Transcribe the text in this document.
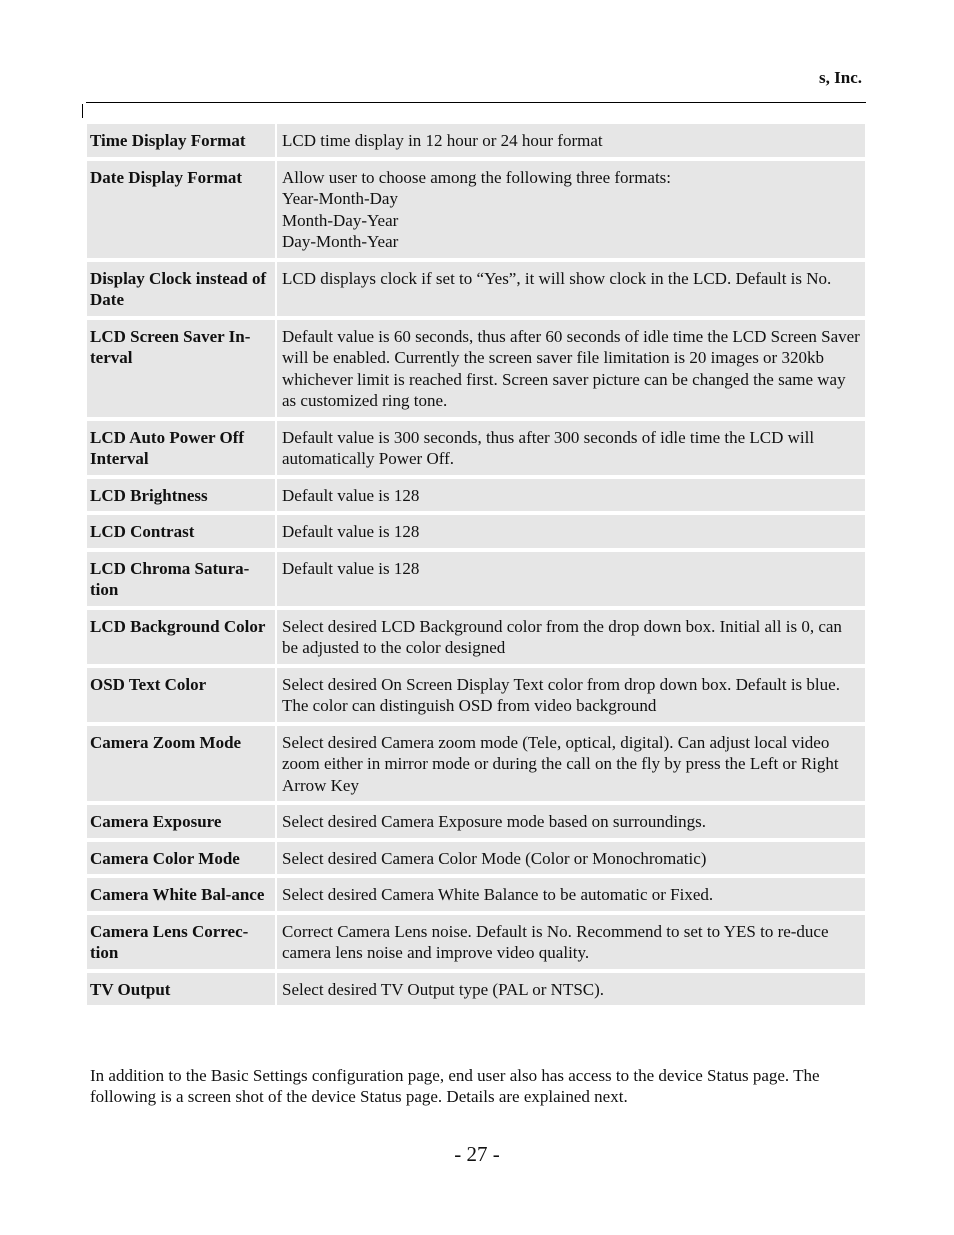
s, Inc.
Time Display Format	LCD time display in 12 hour or 24 hour format

Date Display Format	Allow user to choose among the following three formats:
Year-Month-Day
Month-Day-Year
Day-Month-Year

Display Clock instead of Date	LCD displays clock if set to “Yes”, it will show clock in the LCD. Default is No.

LCD Screen Saver In-terval	Default value is 60 seconds, thus after 60 seconds of idle time the LCD Screen Saver will be enabled. Currently the screen saver file limitation is 20 images or 320kb whichever limit is reached first. Screen saver picture can be changed the same way as customized ring tone.

LCD Auto Power Off Interval	Default value is 300 seconds, thus after 300 seconds of idle time the LCD will automatically Power Off.

LCD Brightness	Default value is 128

LCD Contrast	Default value is 128

LCD Chroma Satura-tion	Default value is 128

LCD Background Color	Select desired LCD Background color from the drop down box. Initial all is 0, can be adjusted to the color designed

OSD Text Color	Select desired On Screen Display Text color from drop down box. Default is blue. The color can distinguish OSD from video background

Camera Zoom Mode	Select desired Camera zoom mode (Tele, optical, digital). Can adjust local video zoom either in mirror mode or during the call on the fly by press the Left or Right Arrow Key

Camera Exposure	Select desired Camera Exposure mode based on surroundings.

Camera Color Mode	Select desired Camera Color Mode (Color or Monochromatic)

Camera White Bal-ance	Select desired Camera White Balance to be automatic or Fixed.

Camera Lens Correc-tion	Correct Camera Lens noise. Default is No. Recommend to set to YES to re-duce camera lens noise and improve video quality.

TV Output	Select desired TV Output type (PAL or NTSC).
In addition to the Basic Settings configuration page, end user also has access to the device Status page. The following is a screen shot of the device Status page. Details are explained next.
- 27 -
